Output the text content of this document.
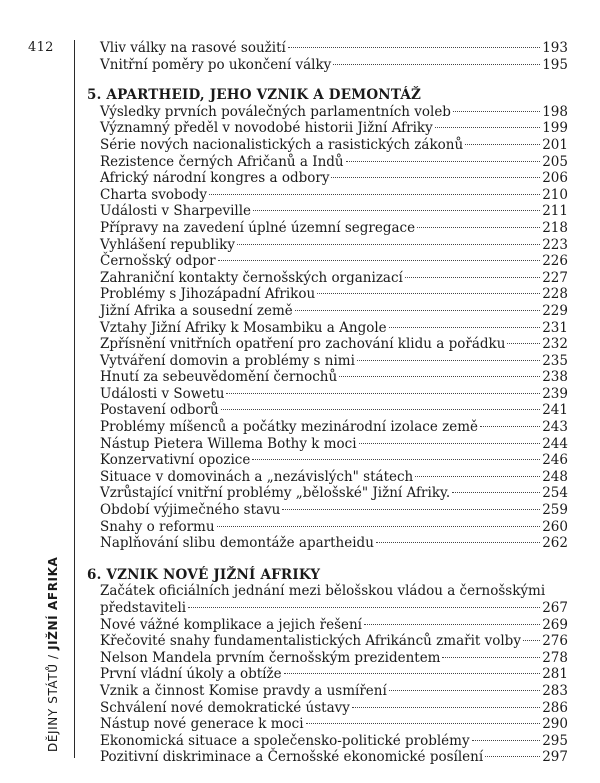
412
DĚJINY STÁTŮ / JIŽNÍ AFRIKA
Vliv války na rasové soužití	193
Vnitřní poměry po ukončení války	195
5. APARTHEID, JEHO VZNIK A DEMONTÁŽ
Výsledky prvních poválečných parlamentních voleb	198
Významný předěl v novodobé historii Jižní Afriky	199
Série nových nacionalistických a rasistických zákonů	201
Rezistence černých Afričanů a Indů	205
Africký národní kongres a odbory	206
Charta svobody	210
Události v Sharpeville	211
Přípravy na zavedení úplné územní segregace	218
Vyhlášení republiky	223
Černošský odpor	226
Zahraniční kontakty černošských organizací	227
Problémy s Jihozápadní Afrikou	228
Jižní Afrika a sousední země	229
Vztahy Jižní Afriky k Mosambiku a Angole	231
Zpřísnění vnitřních opatření pro zachování klidu a pořádku	232
Vytváření domovin a problémy s nimi	235
Hnutí za sebeuvědomění černochů	238
Události v Sowetu	239
Postavení odborů	241
Problémy míšenců a počátky mezinárodní izolace země	243
Nástup Pietera Willema Bothy k moci	244
Konzervativní opozice	246
Situace v domovinách a „nezávislých" státech	248
Vzrůstající vnitřní problémy „bělošské" Jižní Afriky.	254
Období výjimečného stavu	259
Snahy o reformu	260
Naplňování slibu demontáže apartheidu	262
6. VZNIK NOVÉ JIŽNÍ AFRIKY
Začátek oficiálních jednání mezi bělošskou vládou a černošskými
představiteli	267
Nové vážné komplikace a jejich řešení	269
Křečovité snahy fundamentalistických Afrikánců zmařit volby 276
Nelson Mandela prvním černošským prezidentem	278
První vládní úkoly a obtíže	281
Vznik a činnost Komise pravdy a usmíření	283
Schválení nové demokratické ústavy	286
Nástup nové generace k moci	290
Ekonomická situace a společensko-politické problémy	295
Pozitivní diskriminace a Černošské ekonomické posílení	297
